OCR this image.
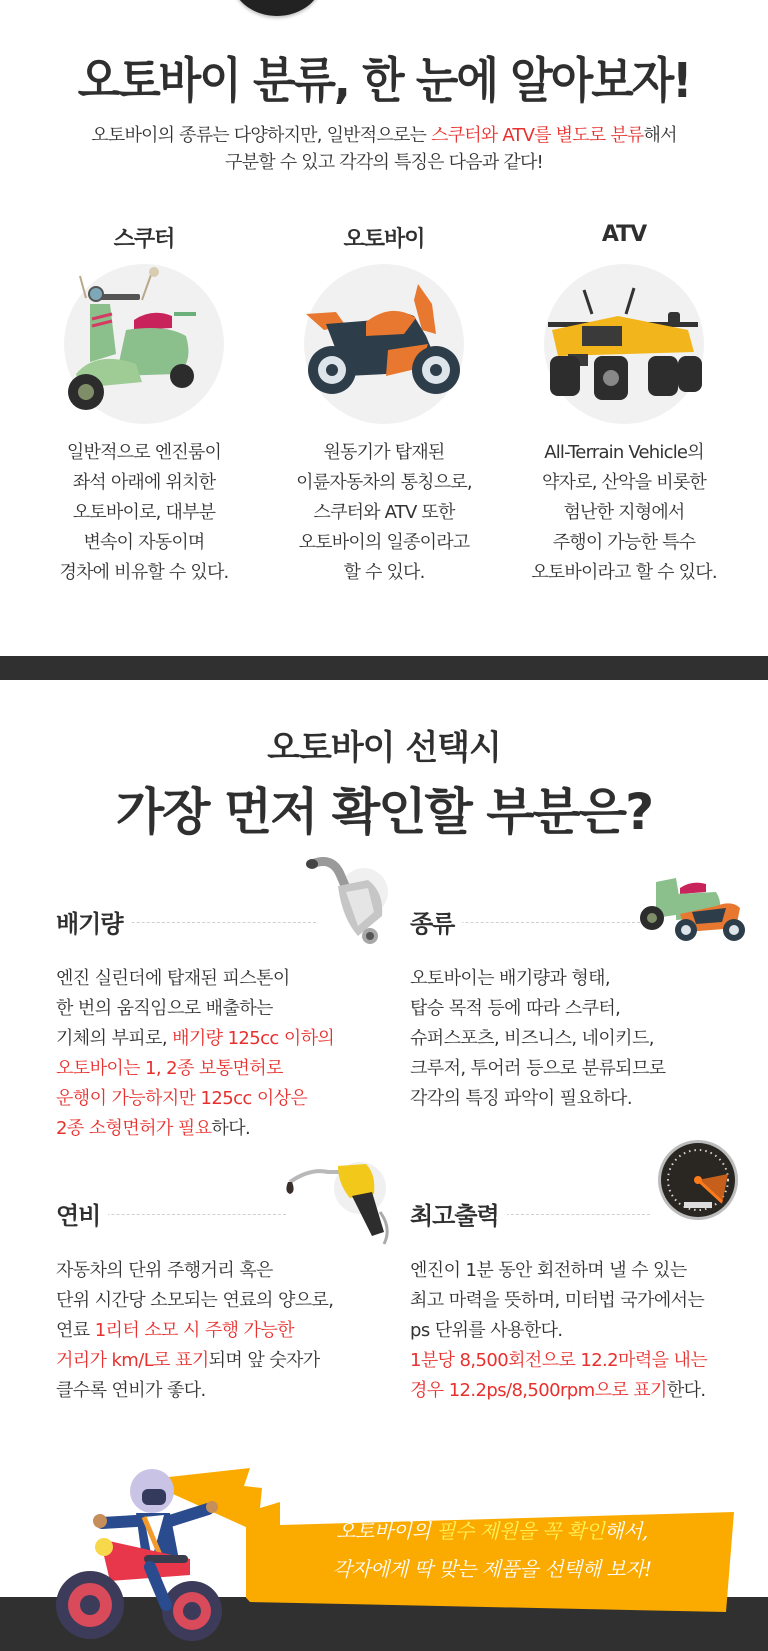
오토바이 분류, 한 눈에 알아보자!

오토바이의 종류는 다양하지만, 일반적으로는 스쿠터와 ATV를 별도로 분류해서
구분할 수 있고 각각의 특징은 다음과 같다!

스쿠터
일반적으로 엔진룸이
좌석 아래에 위치한
오토바이로, 대부분
변속이 자동이며
경차에 비유할 수 있다.
오토바이
원동기가 탑재된
이륜자동차의 통칭으로,
스쿠터와 ATV 또한
오토바이의 일종이라고
할 수 있다.
ATV
All-Terrain Vehicle의
약자로, 산악을 비롯한
험난한 지형에서
주행이 가능한 특수
오토바이라고 할 수 있다.
오토바이 선택시
가장 먼저 확인할 부분은?
배기량
엔진 실린더에 탑재된 피스톤이
한 번의 움직임으로 배출하는
기체의 부피로, 배기량 125cc 이하의
오토바이는 1, 2종 보통면허로
운행이 가능하지만 125cc 이상은
2종 소형면허가 필요하다.
종류
오토바이는 배기량과 형태,
탑승 목적 등에 따라 스쿠터,
슈퍼스포츠, 비즈니스, 네이키드,
크루저, 투어러 등으로 분류되므로
각각의 특징 파악이 필요하다.
연비
자동차의 단위 주행거리 혹은
단위 시간당 소모되는 연료의 양으로,
연료 1리터 소모 시 주행 가능한
거리가 km/L로 표기되며 앞 숫자가
클수록 연비가 좋다.
최고출력
엔진이 1분 동안 회전하며 낼 수 있는
최고 마력을 뜻하며, 미터법 국가에서는
ps 단위를 사용한다.
1분당 8,500회전으로 12.2마력을 내는
경우 12.2ps/8,500rpm으로 표기한다.
오토바이의 필수 제원을 꼭 확인해서,
각자에게 딱 맞는 제품을 선택해 보자!
